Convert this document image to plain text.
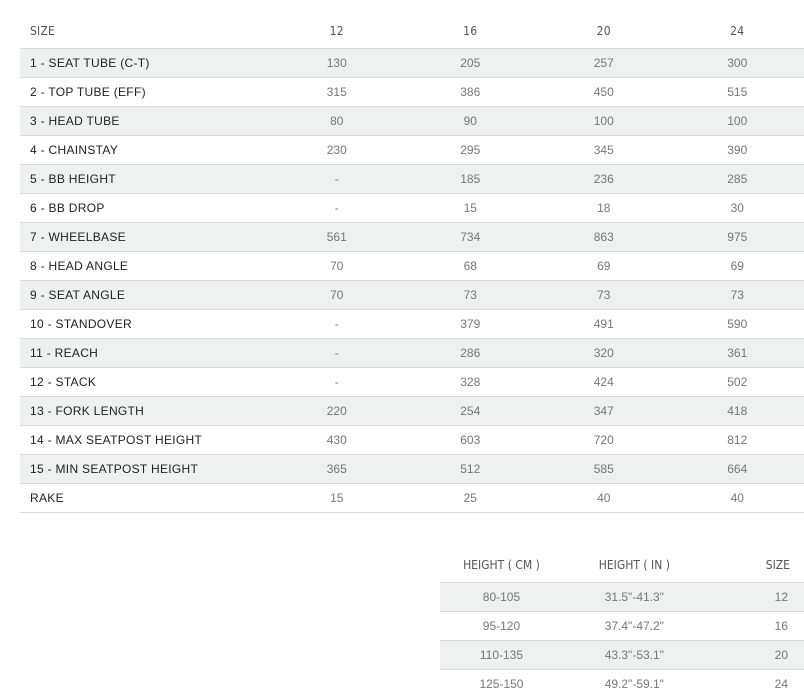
SIZE	12	16	20	24
1 - SEAT TUBE (C-T)	130	205	257	300
2 - TOP TUBE (EFF)	315	386	450	515
3 - HEAD TUBE	80	90	100	100
4 - CHAINSTAY	230	295	345	390
5 - BB HEIGHT	-	185	236	285
6 - BB DROP	-	15	18	30
7 - WHEELBASE	561	734	863	975
8 - HEAD ANGLE	70	68	69	69
9 - SEAT ANGLE	70	73	73	73
10 - STANDOVER	-	379	491	590
11 - REACH	-	286	320	361
12 - STACK	-	328	424	502
13 - FORK LENGTH	220	254	347	418
14 - MAX SEATPOST HEIGHT	430	603	720	812
15 - MIN SEATPOST HEIGHT	365	512	585	664
RAKE	15	25	40	40
HEIGHT ( CM )	HEIGHT ( IN )	SIZE
80-105	31.5"-41.3"	12
95-120	37.4"-47.2"	16
110-135	43.3"-53.1"	20
125-150	49.2"-59.1"	24
